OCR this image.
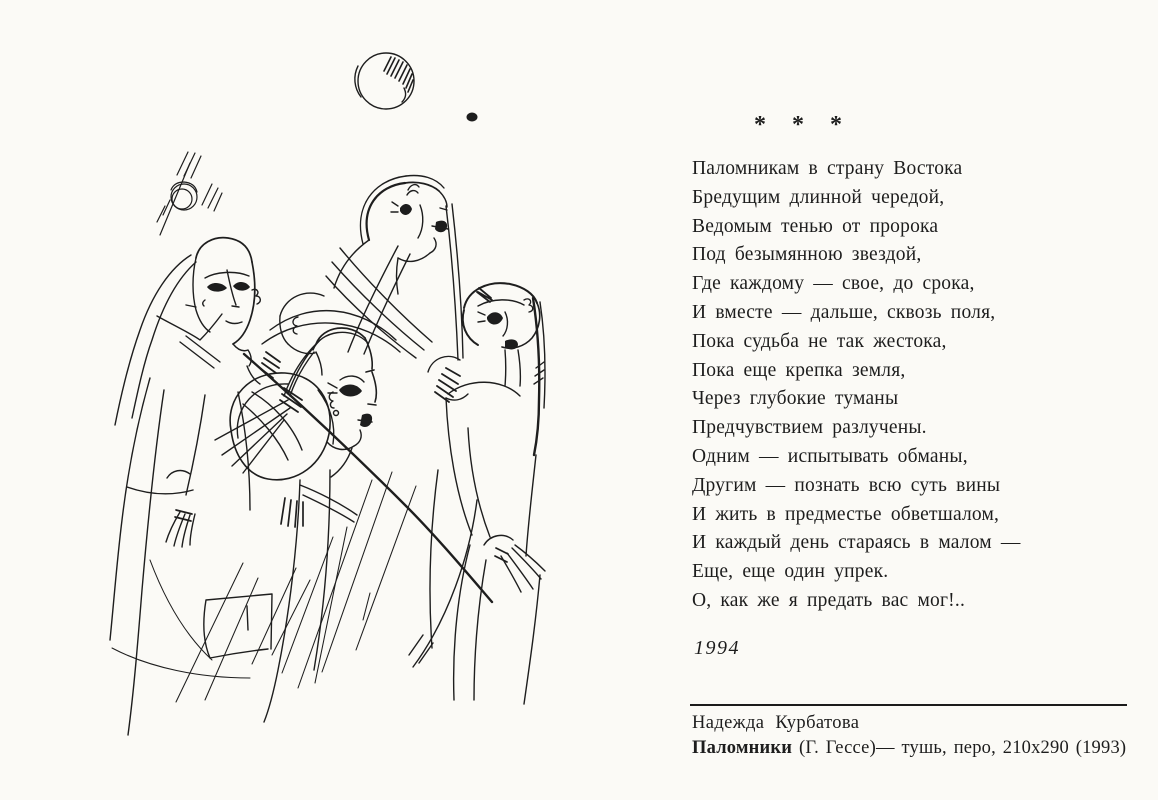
* * *
Паломникам в страну Востока
Бредущим длинной чередой,
Ведомым тенью от пророка
Под безымянною звездой,
Где каждому — свое, до срока,
И вместе — дальше, сквозь поля,
Пока судьба не так жестока,
Пока еще крепка земля,
Через глубокие туманы
Предчувствием разлучены.
Одним — испытывать обманы,
Другим — познать всю суть вины
И жить в предместье обветшалом,
И каждый день стараясь в малом —
Еще, еще один упрек.
О, как же я предать вас мог!..
1994
Надежда Курбатова
Паломники (Г. Гессе)— тушь, перо, 210x290 (1993)
